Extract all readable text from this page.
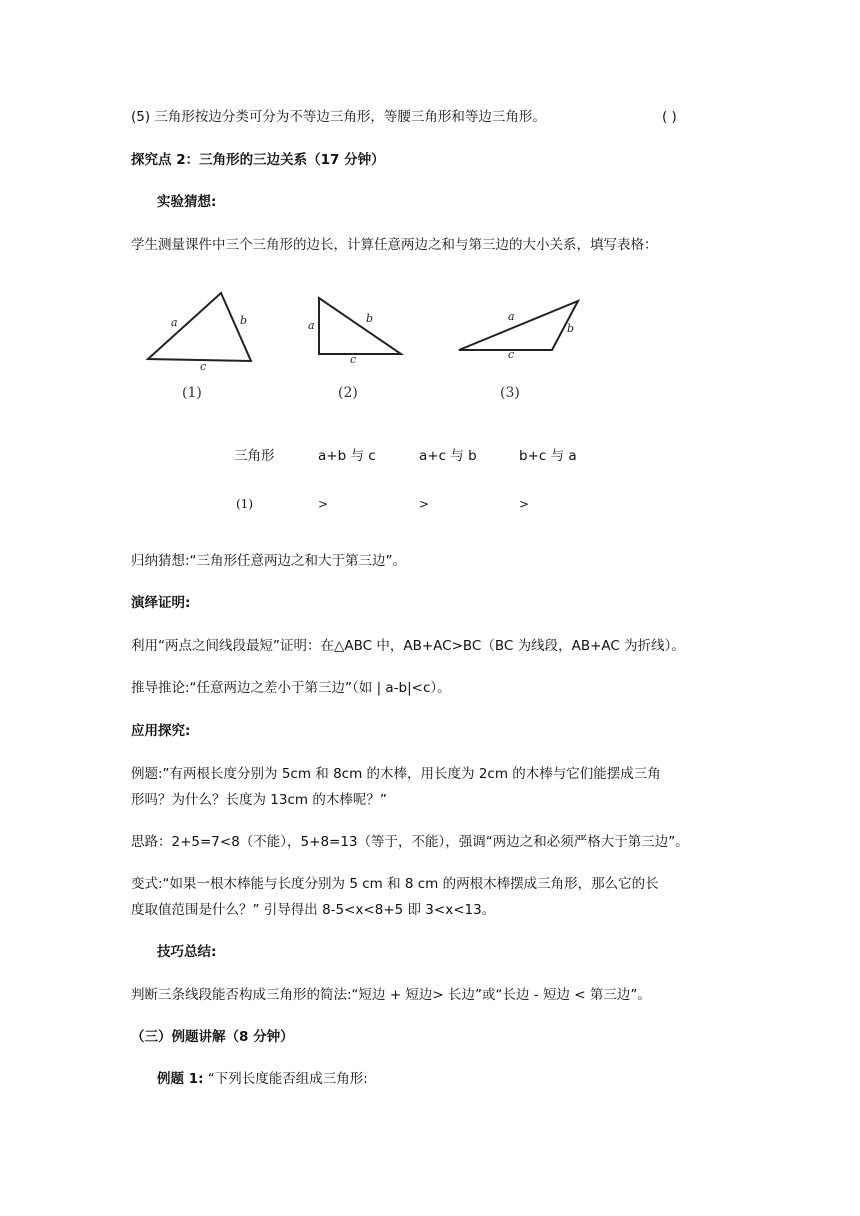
(5) 三角形按边分类可分为不等边三角形，等腰三角形和等边三角形。	( )
探究点 2：三角形的三边关系（17 分钟）
实验猜想:
学生测量课件中三个三角形的边长，计算任意两边之和与第三边的大小关系，填写表格：
a	b
c
(1)
a
b
c
(2)
a
b
c
(3)
三角形	a+b 与 c	a+c 与 b	b+c 与 a
(1)	>	>	>
归纳猜想:“三角形任意两边之和大于第三边”。
演绎证明:
利用“两点之间线段最短”证明：在△ABC 中，AB+AC>BC（BC 为线段，AB+AC 为折线）。
推导推论:“任意两边之差小于第三边”（如 | a-b|<c）。
应用探究:
例题:”有两根长度分别为 5cm 和 8cm 的木棒，用长度为 2cm 的木棒与它们能摆成三角
形吗？为什么？长度为 13cm 的木棒呢？”
思路：2+5=7<8（不能），5+8=13（等于，不能），强调“两边之和必须严格大于第三边”。
变式:“如果一根木棒能与长度分别为 5 cm 和 8 cm 的两根木棒摆成三角形，那么它的长
度取值范围是什么？” 引导得出 8-5<x<8+5 即 3<x<13。
技巧总结:
判断三条线段能否构成三角形的简法:“短边 + 短边> 长边”或“长边 - 短边 < 第三边”。
（三）例题讲解（8 分钟）
例题 1: “下列长度能否组成三角形:
